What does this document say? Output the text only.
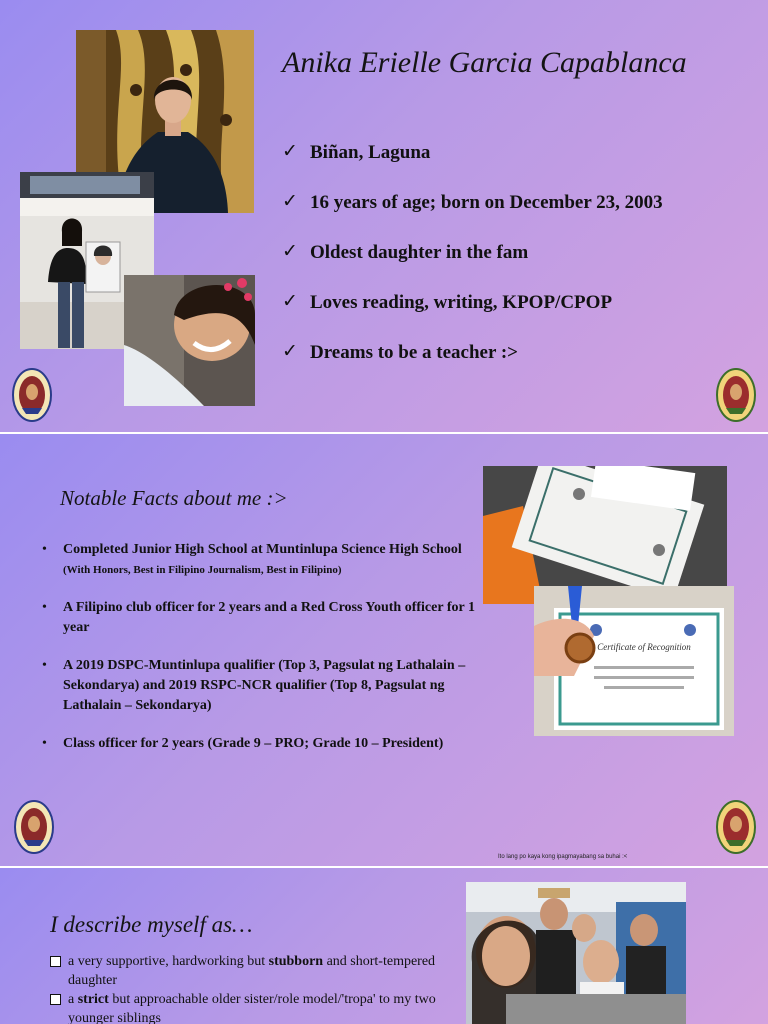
Anika Erielle Garcia Capablanca
✓ Biñan, Laguna
✓ 16 years of age; born on December 23, 2003
✓ Oldest daughter in the fam
✓ Loves reading, writing, KPOP/CPOP
✓ Dreams to be a teacher :>
Notable Facts about me :>
• Completed Junior High School at Muntinlupa Science High School (With Honors, Best in Filipino Journalism, Best in Filipino)
• A Filipino club officer for 2 years and a Red Cross Youth officer for 1 year
• A 2019 DSPC-Muntinlupa qualifier (Top 3, Pagsulat ng Lathalain – Sekondarya) and 2019 RSPC-NCR qualifier (Top 8, Pagsulat ng Lathalain – Sekondarya)
• Class officer for 2 years (Grade 9 – PRO; Grade 10 – President)
Certificate of Recognition
Ito lang po kaya kong ipagmayabang sa buhai :<
I describe myself as…
a very supportive, hardworking but stubborn and short-tempered daughter
a strict but approachable older sister/role model/'tropa' to my two younger siblings
